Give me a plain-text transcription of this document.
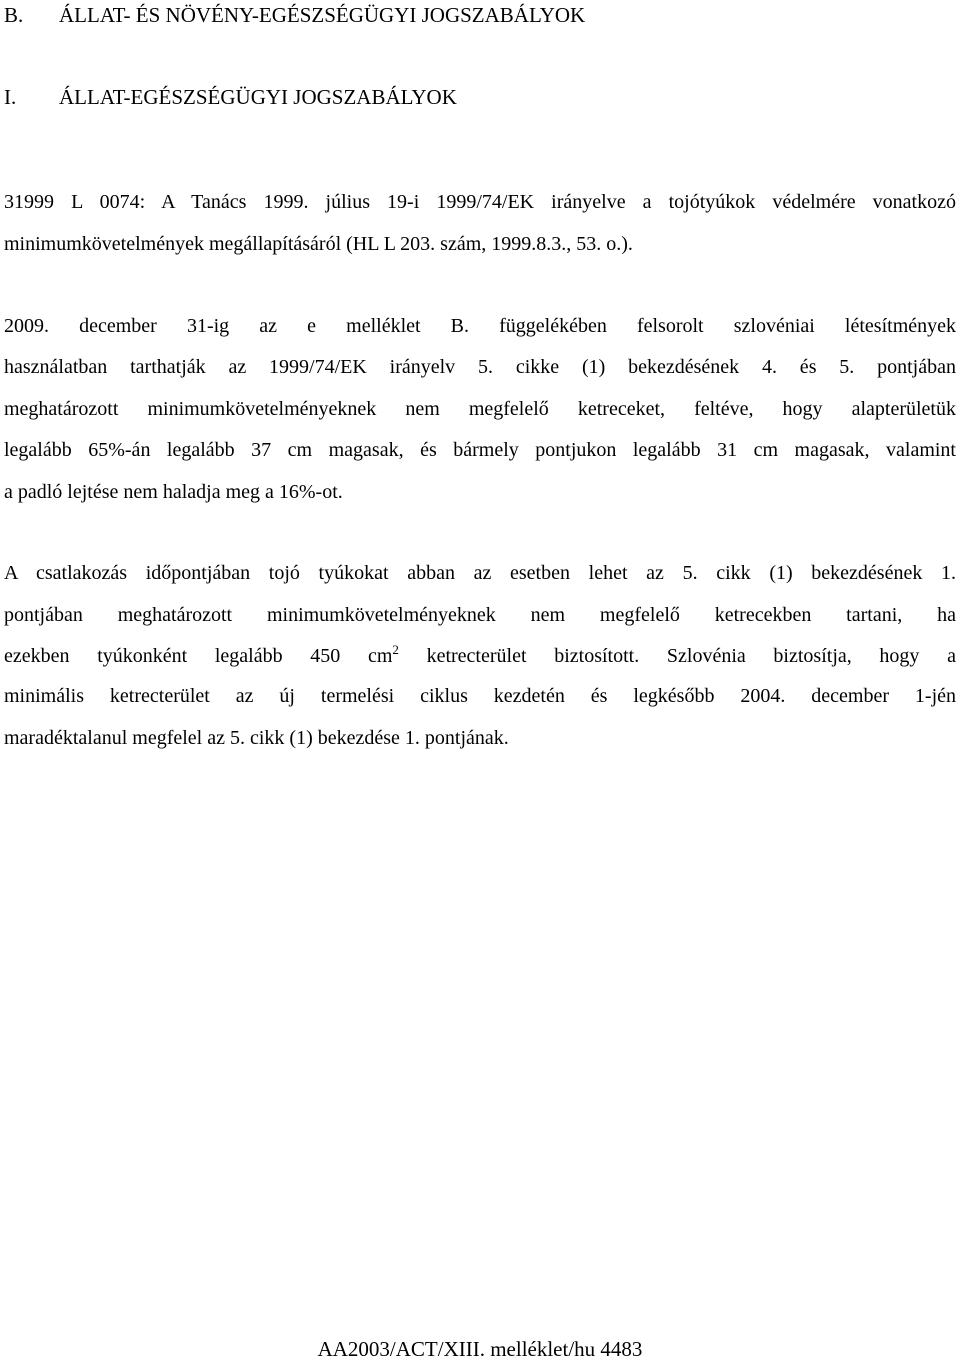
B. ÁLLAT- ÉS NÖVÉNY-EGÉSZSÉGÜGYI JOGSZABÁLYOK
I. ÁLLAT-EGÉSZSÉGÜGYI JOGSZABÁLYOK
31999 L 0074: A Tanács 1999. július 19-i 1999/74/EK irányelve a tojótyúkok védelmére vonatkozó
minimumkövetelmények megállapításáról (HL L 203. szám, 1999.8.3., 53. o.).
2009. december 31-ig az e melléklet B. függelékében felsorolt szlovéniai létesítmények
használatban tarthatják az 1999/74/EK irányelv 5. cikke (1) bekezdésének 4. és 5. pontjában
meghatározott minimumkövetelményeknek nem megfelelő ketreceket, feltéve, hogy alapterületük
legalább 65%-án legalább 37 cm magasak, és bármely pontjukon legalább 31 cm magasak, valamint
a padló lejtése nem haladja meg a 16%-ot.
A csatlakozás időpontjában tojó tyúkokat abban az esetben lehet az 5. cikk (1) bekezdésének 1.
pontjában meghatározott minimumkövetelményeknek nem megfelelő ketrecekben tartani, ha
ezekben tyúkonként legalább 450 $cm^2$ ketrecterület biztosított. Szlovénia biztosítja, hogy a
minimális ketrecterület az új termelési ciklus kezdetén és legkésőbb 2004. december 1-jén
maradéktalanul megfelel az 5. cikk (1) bekezdése 1. pontjának.
AA2003/ACT/XIII. melléklet/hu 4483
